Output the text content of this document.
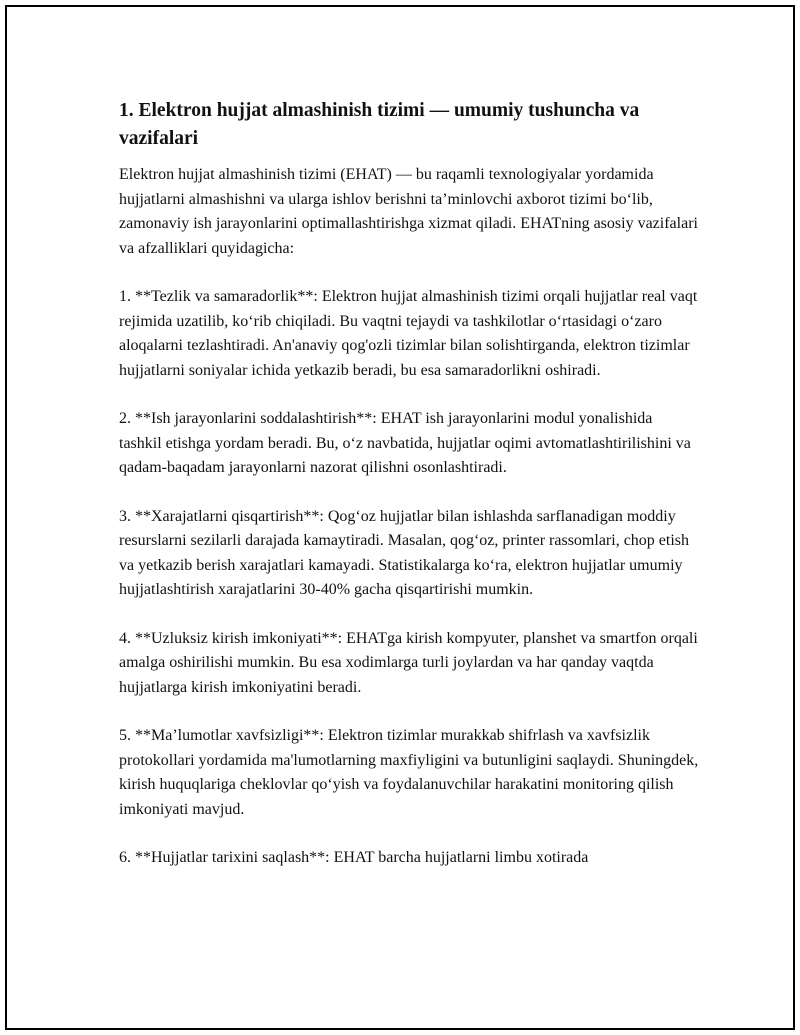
1. Elektron hujjat almashinish tizimi — umumiy tushuncha va vazifalari

Elektron hujjat almashinish tizimi (EHAT) — bu raqamli texnologiyalar yordamida hujjatlarni almashishni va ularga ishlov berishni ta’minlovchi axborot tizimi bo‘lib, zamonaviy ish jarayonlarini optimallashtirishga xizmat qiladi. EHATning asosiy vazifalari va afzalliklari quyidagicha:

1. **Tezlik va samaradorlik**: Elektron hujjat almashinish tizimi orqali hujjatlar real vaqt rejimida uzatilib, ko‘rib chiqiladi. Bu vaqtni tejaydi va tashkilotlar o‘rtasidagi o‘zaro aloqalarni tezlashtiradi. An'anaviy qog'ozli tizimlar bilan solishtirganda, elektron tizimlar hujjatlarni soniyalar ichida yetkazib beradi, bu esa samaradorlikni oshiradi.

2. **Ish jarayonlarini soddalashtirish**: EHAT ish jarayonlarini modul yonalishida tashkil etishga yordam beradi. Bu, o‘z navbatida, hujjatlar oqimi avtomatlashtirilishini va qadam-baqadam jarayonlarni nazorat qilishni osonlashtiradi.

3. **Xarajatlarni qisqartirish**: Qog‘oz hujjatlar bilan ishlashda sarflanadigan moddiy resurslarni sezilarli darajada kamaytiradi. Masalan, qog‘oz, printer rassomlari, chop etish va yetkazib berish xarajatlari kamayadi. Statistikalarga ko‘ra, elektron hujjatlar umumiy hujjatlashtirish xarajatlarini 30-40% gacha qisqartirishi mumkin.

4. **Uzluksiz kirish imkoniyati**: EHATga kirish kompyuter, planshet va smartfon orqali amalga oshirilishi mumkin. Bu esa xodimlarga turli joylardan va har qanday vaqtda hujjatlarga kirish imkoniyatini beradi.

5. **Ma’lumotlar xavfsizligi**: Elektron tizimlar murakkab shifrlash va xavfsizlik protokollari yordamida ma'lumotlarning maxfiyligini va butunligini saqlaydi. Shuningdek, kirish huquqlariga cheklovlar qo‘yish va foydalanuvchilar harakatini monitoring qilish imkoniyati mavjud.

6. **Hujjatlar tarixini saqlash**: EHAT barcha hujjatlarni limbu xotirada
